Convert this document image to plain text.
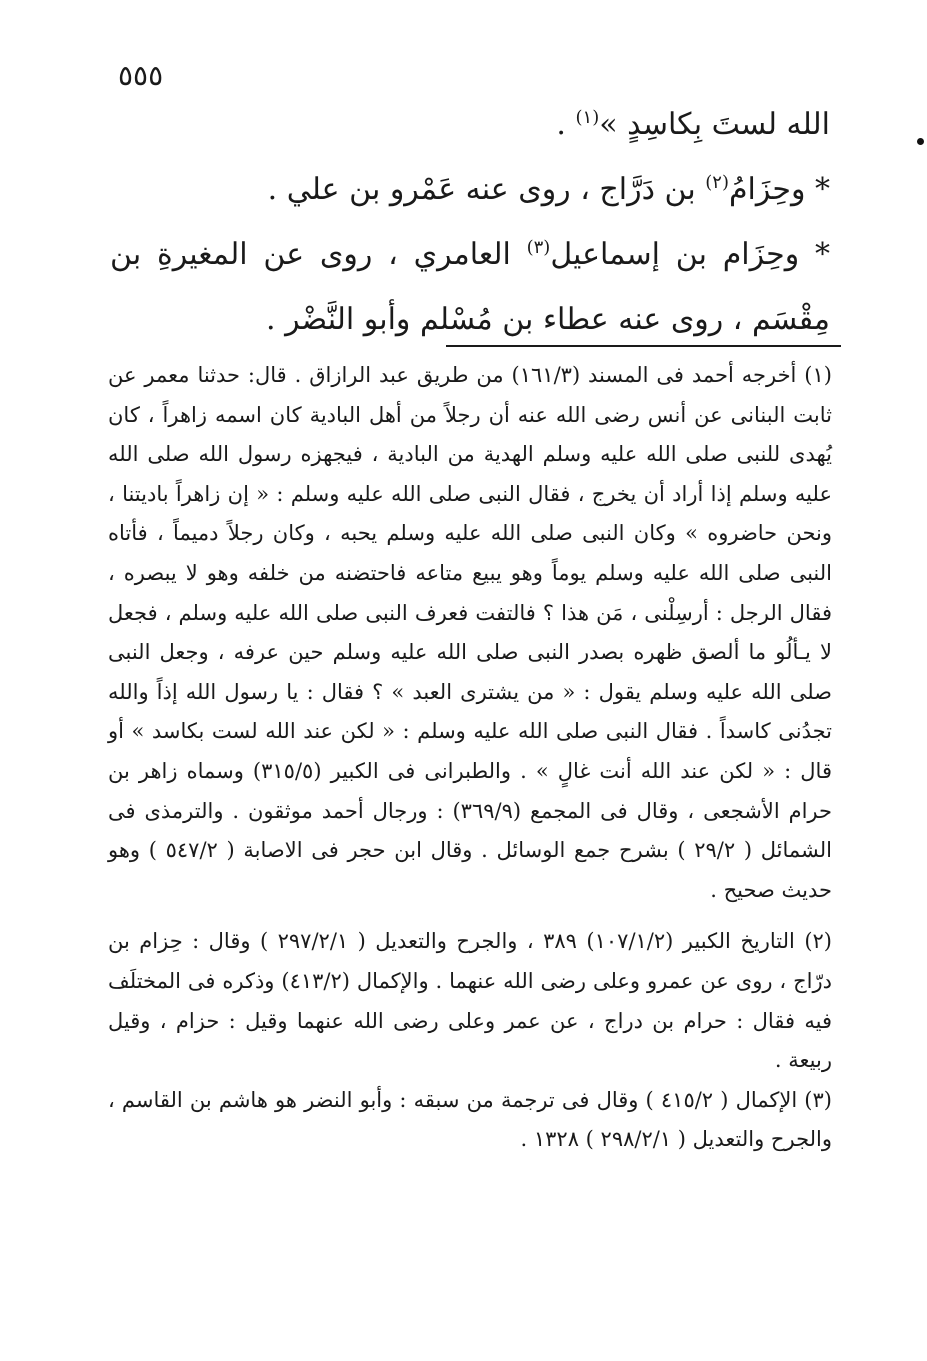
٥٥٥

الله لستَ بِكاسِدٍ »$^{(١)}$ .

* وحِزَامُ$^{(٢)}$ بن دَرَّاج ، روى عنه عَمْرو بن علي .

* وحِزَام بن إسماعيل$^{(٣)}$ العامري ، روى عن المغيرةِ بن مِقْسَم ، روى عنه عطاء بن مُسْلم وأبو النَّضْر .

(١) أخرجه أحمد فى المسند (١٦١/٣) من طريق عبد الرازاق . قال: حدثنا معمر عن ثابت البنانى عن أنس رضى الله عنه أن رجلاً من أهل البادية كان اسمه زاهراً ، كان يُهدى للنبى صلى الله عليه وسلم الهدية من البادية ، فيجهزه رسول الله صلى الله عليه وسلم إذا أراد أن يخرج ، فقال النبى صلى الله عليه وسلم : « إن زاهراً باديتنا ، ونحن حاضروه » وكان النبى صلى الله عليه وسلم يحبه ، وكان رجلاً دميماً ، فأتاه النبى صلى الله عليه وسلم يوماً وهو يبيع متاعه فاحتضنه من خلفه وهو لا يبصره ، فقال الرجل : أرسِلْنى ، مَن هذا ؟ فالتفت فعرف النبى صلى الله عليه وسلم ، فجعل لا يـألُو ما ألصق ظهره بصدر النبى صلى الله عليه وسلم حين عرفه ، وجعل النبى صلى الله عليه وسلم يقول : « من يشترى العبد » ؟ فقال : يا رسول الله إذاً والله تجدُنى كاسداً . فقال النبى صلى الله عليه وسلم : « لكن عند الله لست بكاسد » أو قال : « لكن عند الله أنت غالٍ » . والطبرانى فى الكبير (٣١٥/٥) وسماه زاهر بن حرام الأشجعى ، وقال فى المجمع (٣٦٩/٩) : ورجال أحمد موثقون . والترمذى فى الشمائل ( ٢٩/٢ ) بشرح جمع الوسائل . وقال ابن حجر فى الاصابة ( ٥٤٧/٢ ) وهو حديث صحيح .

(٢) التاريخ الكبير (١٠٧/١/٢) ٣٨٩ ، والجرح والتعديل ( ٢٩٧/٢/١ ) وقال : حِزام بن درّاج ، روى عن عمرو وعلى رضى الله عنهما . والإكمال (٤١٣/٢) وذكره فى المختلَف فيه فقال : حرام بن دراج ، عن عمر وعلى رضى الله عنهما وقيل : حزام ، وقيل ربيعة .

(٣) الإكمال ( ٤١٥/٢ ) وقال فى ترجمة من سبقه : وأبو النضر هو هاشم بن القاسم ، والجرح والتعديل ( ٢٩٨/٢/١ ) ١٣٢٨ .
